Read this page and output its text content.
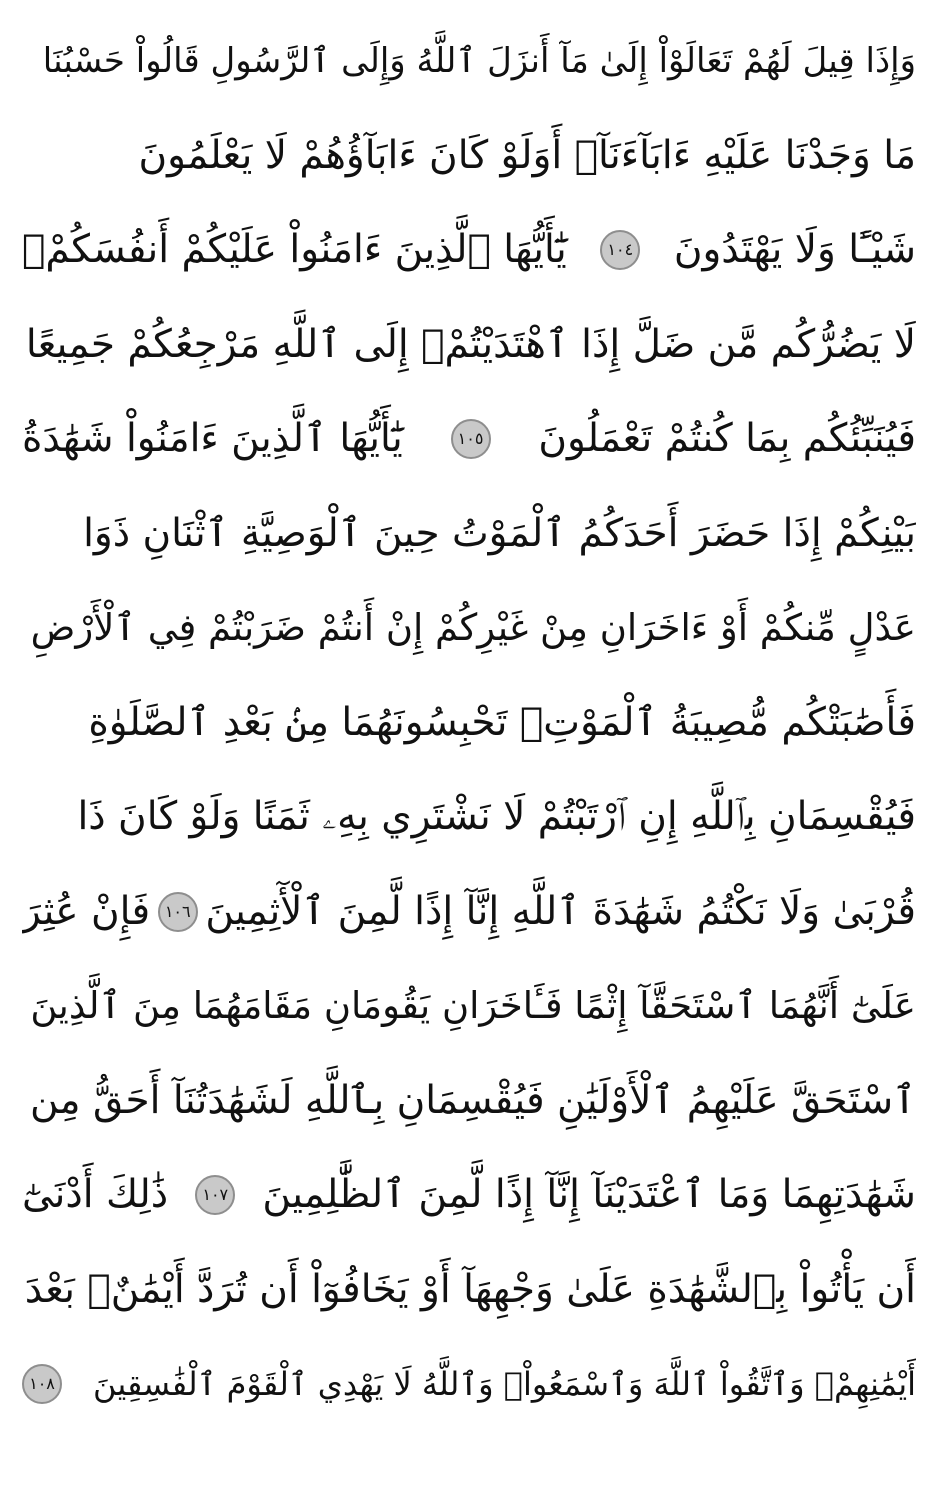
وَإِذَا قِيلَ لَهُمْ تَعَالَوْاْ إِلَىٰ مَآ أَنزَلَ ٱللَّهُ وَإِلَى ٱلرَّسُولِ قَالُواْ حَسْبُنَا
مَا وَجَدْنَا عَلَيْهِ ءَابَآءَنَآۚ أَوَلَوْ كَانَ ءَابَآؤُهُمْ لَا يَعْلَمُونَ
شَيْـًٔا وَلَا يَهْتَدُونَ
١٠٤
يَٰٓأَيُّهَا ٱلَّذِينَ ءَامَنُواْ عَلَيْكُمْ أَنفُسَكُمْۖ
لَا يَضُرُّكُم مَّن ضَلَّ إِذَا ٱهْتَدَيْتُمْۚ إِلَى ٱللَّهِ مَرْجِعُكُمْ جَمِيعًا
فَيُنَبِّئُكُم بِمَا كُنتُمْ تَعْمَلُونَ
١٠٥
يَٰٓأَيُّهَا ٱلَّذِينَ ءَامَنُواْ شَهَٰدَةُ
بَيْنِكُمْ إِذَا حَضَرَ أَحَدَكُمُ ٱلْمَوْتُ حِينَ ٱلْوَصِيَّةِ ٱثْنَانِ ذَوَا
عَدْلٍ مِّنكُمْ أَوْ ءَاخَرَانِ مِنْ غَيْرِكُمْ إِنْ أَنتُمْ ضَرَبْتُمْ فِي ٱلْأَرْضِ
فَأَصَٰبَتْكُم مُّصِيبَةُ ٱلْمَوْتِۚ تَحْبِسُونَهُمَا مِنۢ بَعْدِ ٱلصَّلَوٰةِ
فَيُقْسِمَانِ بِٱللَّهِ إِنِ ٱرْتَبْتُمْ لَا نَشْتَرِي بِهِۦ ثَمَنًا وَلَوْ كَانَ ذَا
قُرْبَىٰ وَلَا نَكْتُمُ شَهَٰدَةَ ٱللَّهِ إِنَّآ إِذًا لَّمِنَ ٱلْأٓثِمِينَ
١٠٦
فَإِنْ عُثِرَ
عَلَىٰٓ أَنَّهُمَا ٱسْتَحَقَّآ إِثْمًا فَـَٔاخَرَانِ يَقُومَانِ مَقَامَهُمَا مِنَ ٱلَّذِينَ
ٱسْتَحَقَّ عَلَيْهِمُ ٱلْأَوْلَيَٰنِ فَيُقْسِمَانِ بِٱللَّهِ لَشَهَٰدَتُنَآ أَحَقُّ مِن
شَهَٰدَتِهِمَا وَمَا ٱعْتَدَيْنَآ إِنَّآ إِذًا لَّمِنَ ٱلظَّٰلِمِينَ
١٠٧
ذَٰلِكَ أَدْنَىٰٓ
أَن يَأْتُواْ بِٱلشَّهَٰدَةِ عَلَىٰ وَجْهِهَآ أَوْ يَخَافُوٓاْ أَن تُرَدَّ أَيْمَٰنٌۢ بَعْدَ
أَيْمَٰنِهِمْۗ وَٱتَّقُواْ ٱللَّهَ وَٱسْمَعُواْۗ وَٱللَّهُ لَا يَهْدِي ٱلْقَوْمَ ٱلْفَٰسِقِينَ
١٠٨
